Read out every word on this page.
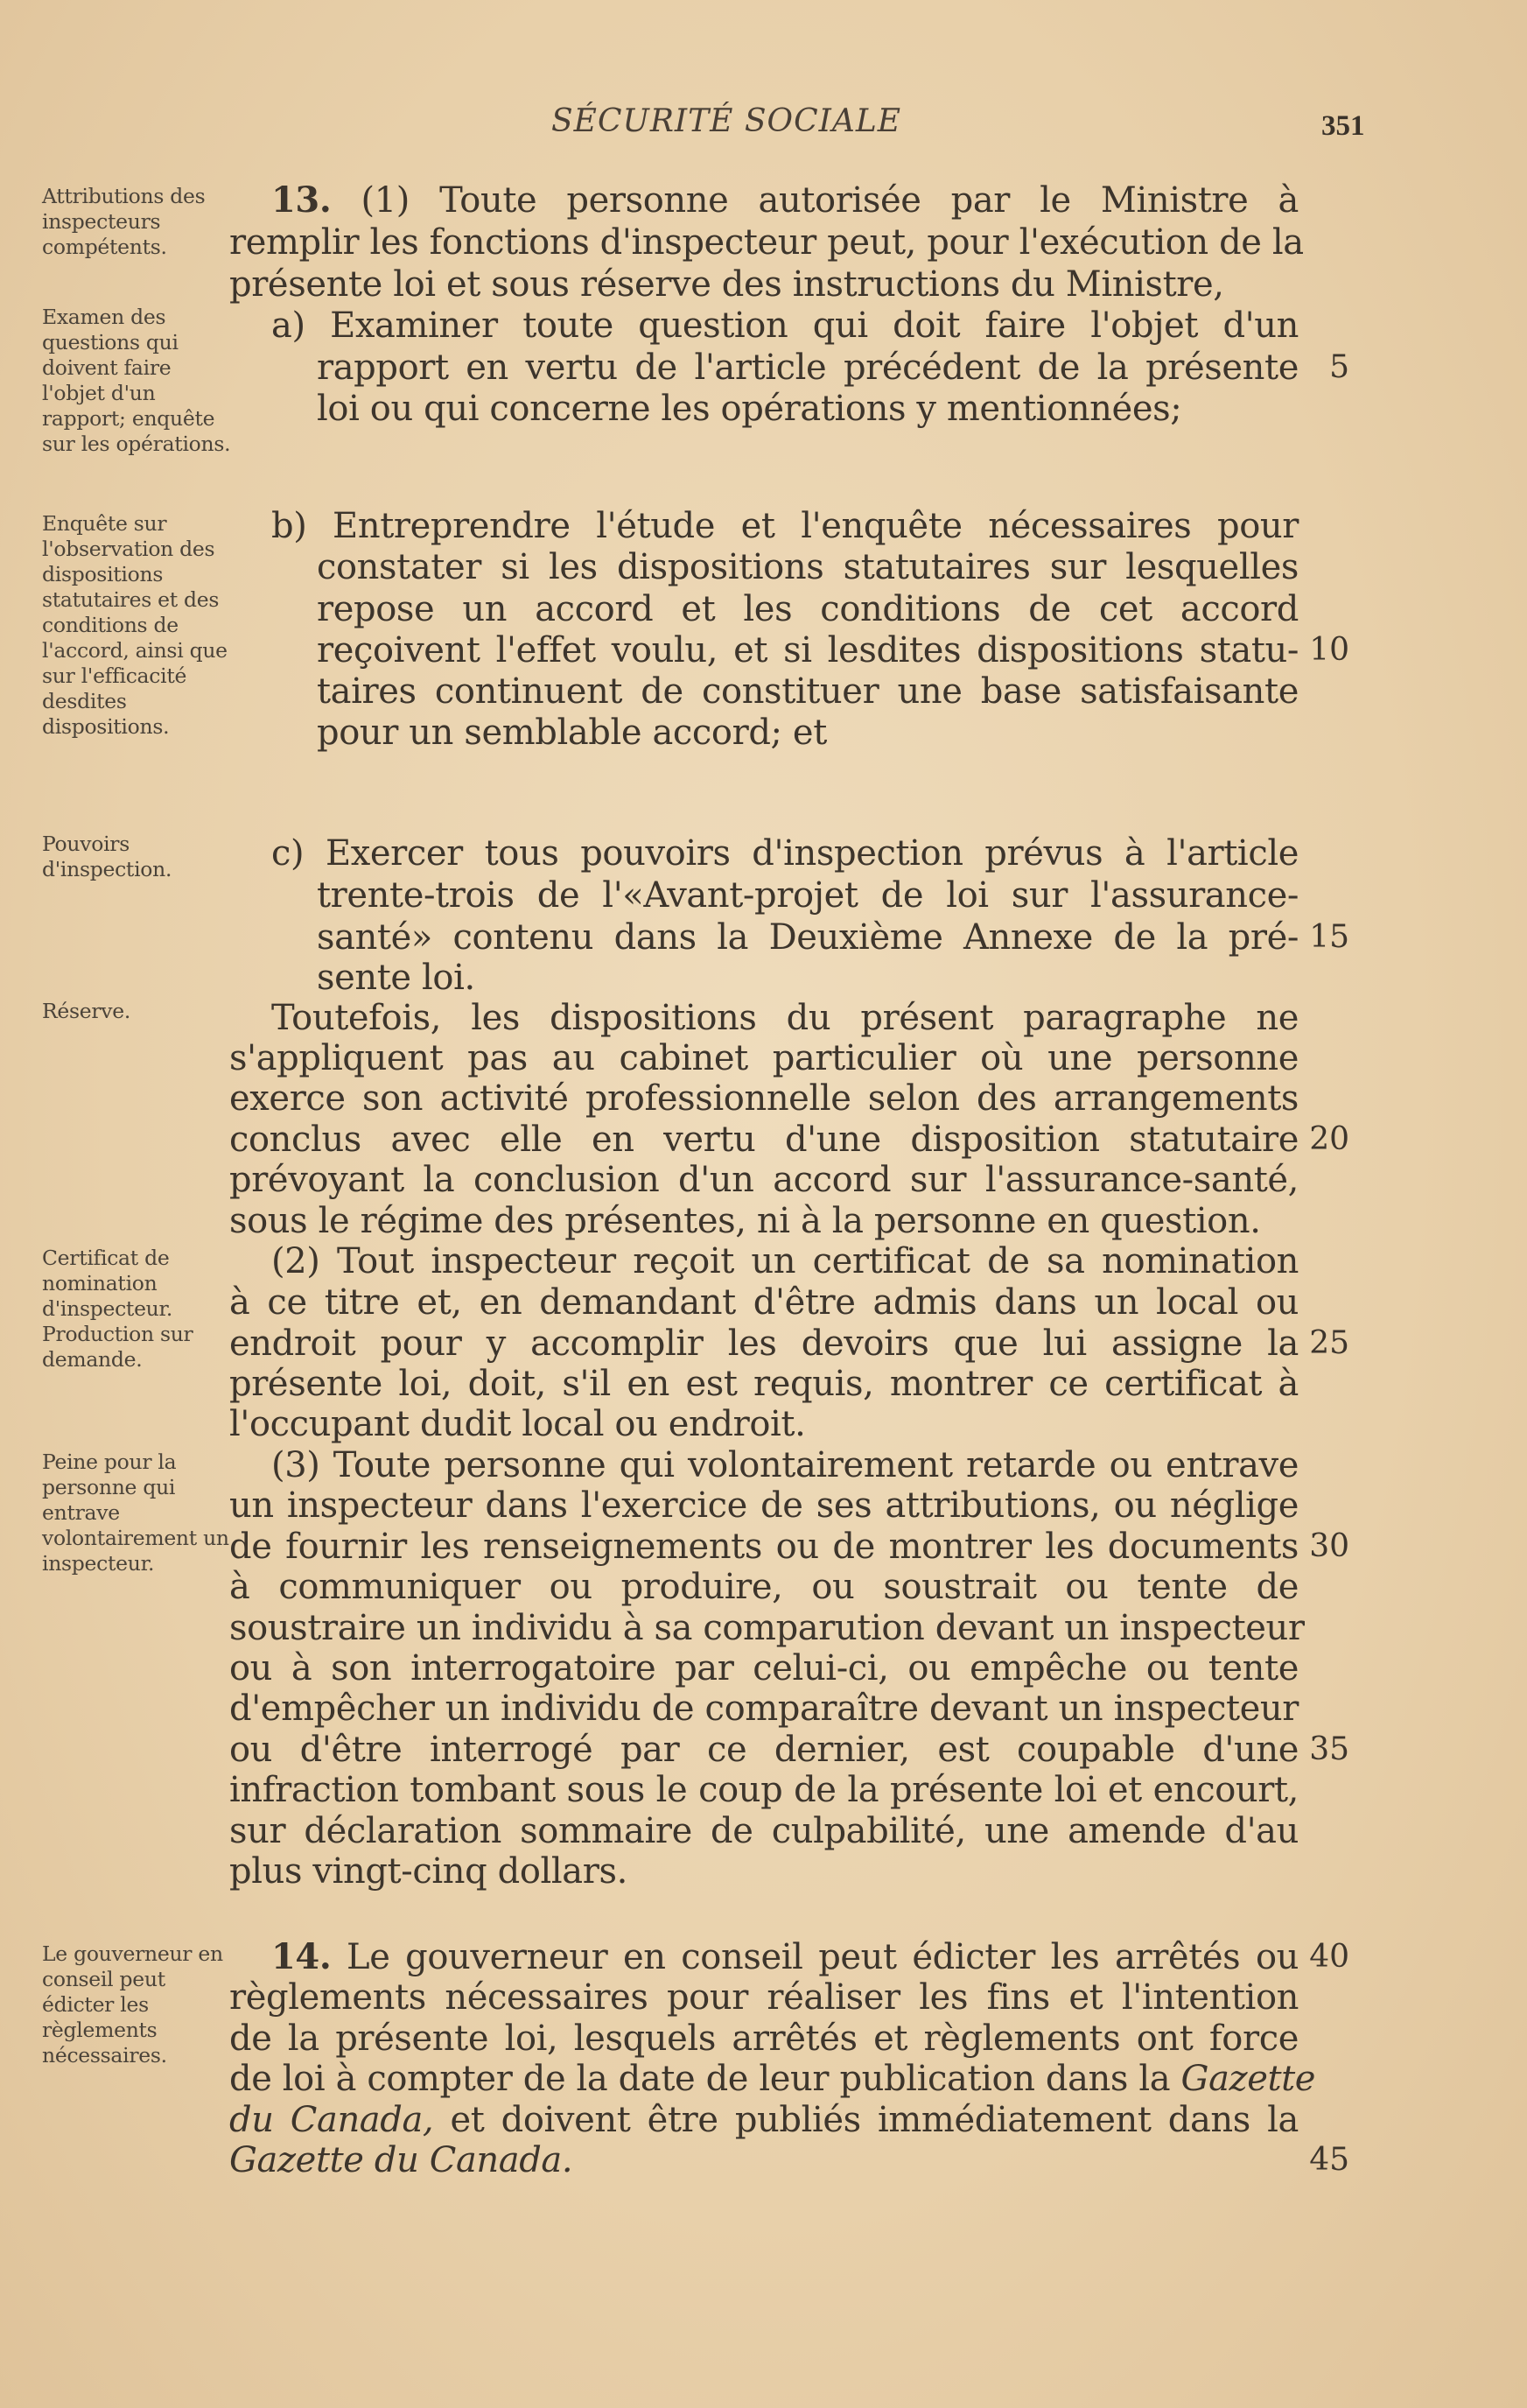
SÉCURITÉ SOCIALE	351
Attributions des inspecteurs compétents.
Examen des questions qui doivent faire l'objet d'un rapport; enquête sur les opérations.
Enquête sur l'observation des dispositions statutaires et des conditions de l'accord, ainsi que sur l'efficacité desdites dispositions.
Pouvoirs d'inspection.
Réserve.
Certificat de nomination d'inspecteur. Production sur demande.
Peine pour la personne qui entrave volontairement un inspecteur.
Le gouverneur en conseil peut édicter les règlements nécessaires.
13. (1) Toute personne autorisée par le Ministre à
remplir les fonctions d'inspecteur peut, pour l'exécution de la
présente loi et sous réserve des instructions du Ministre,
a) Examiner toute question qui doit faire l'objet d'un
rapport en vertu de l'article précédent de la présente
loi ou qui concerne les opérations y mentionnées;
b) Entreprendre l'étude et l'enquête nécessaires pour
constater si les dispositions statutaires sur lesquelles
repose un accord et les conditions de cet accord
reçoivent l'effet voulu, et si lesdites dispositions statu-
taires continuent de constituer une base satisfaisante
pour un semblable accord; et
c) Exercer tous pouvoirs d'inspection prévus à l'article
trente-trois de l'«Avant-projet de loi sur l'assurance-
santé» contenu dans la Deuxième Annexe de la pré-
sente loi.
Toutefois, les dispositions du présent paragraphe ne
s'appliquent pas au cabinet particulier où une personne
exerce son activité professionnelle selon des arrangements
conclus avec elle en vertu d'une disposition statutaire
prévoyant la conclusion d'un accord sur l'assurance-santé,
sous le régime des présentes, ni à la personne en question.
(2) Tout inspecteur reçoit un certificat de sa nomination
à ce titre et, en demandant d'être admis dans un local ou
endroit pour y accomplir les devoirs que lui assigne la
présente loi, doit, s'il en est requis, montrer ce certificat à
l'occupant dudit local ou endroit.
(3) Toute personne qui volontairement retarde ou entrave
un inspecteur dans l'exercice de ses attributions, ou néglige
de fournir les renseignements ou de montrer les documents
à communiquer ou produire, ou soustrait ou tente de
soustraire un individu à sa comparution devant un inspecteur
ou à son interrogatoire par celui-ci, ou empêche ou tente
d'empêcher un individu de comparaître devant un inspecteur
ou d'être interrogé par ce dernier, est coupable d'une
infraction tombant sous le coup de la présente loi et encourt,
sur déclaration sommaire de culpabilité, une amende d'au
plus vingt-cinq dollars.
14. Le gouverneur en conseil peut édicter les arrêtés ou
règlements nécessaires pour réaliser les fins et l'intention
de la présente loi, lesquels arrêtés et règlements ont force
de loi à compter de la date de leur publication dans la Gazette
du Canada, et doivent être publiés immédiatement dans la
Gazette du Canada.
5
10
15
20
25
30
35
40
45
